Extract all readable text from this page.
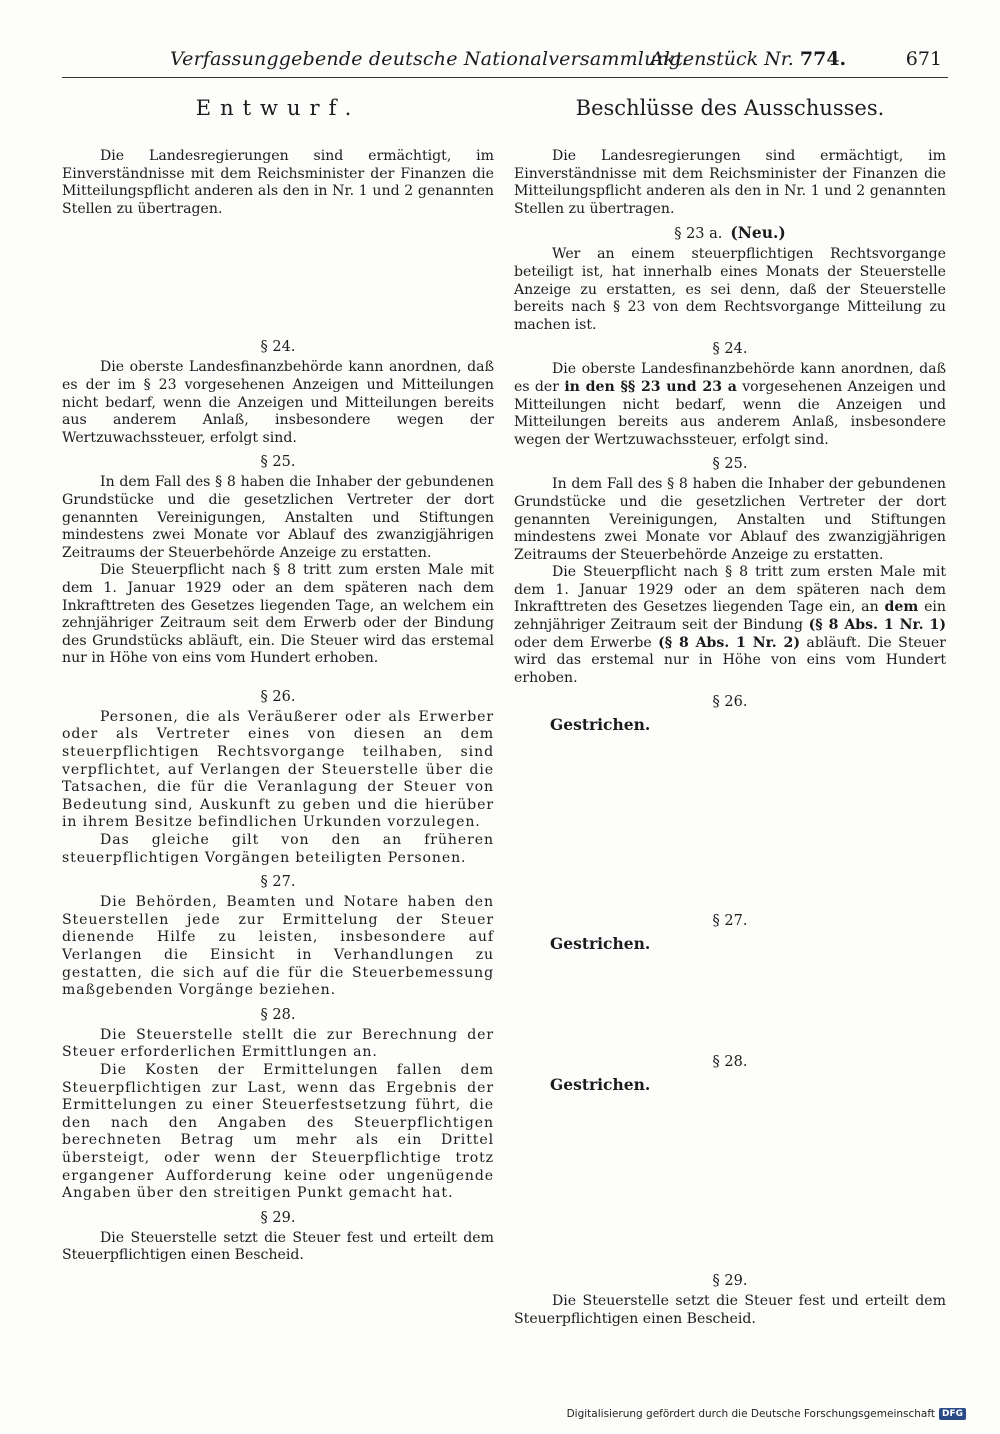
Verfassunggebende deutsche Nationalversammlung.
Aktenstück Nr. 774.	671
Entwurf.

Die Landesregierungen sind ermächtigt, im Einverständnisse mit dem Reichsminister der Finanzen die Mitteilungspflicht anderen als den in Nr. 1 und 2 genannten Stellen zu übertragen.

§ 24.

Die oberste Landesfinanzbehörde kann anordnen, daß es der im § 23 vorgesehenen Anzeigen und Mitteilungen nicht bedarf, wenn die Anzeigen und Mitteilungen bereits aus anderem Anlaß, insbesondere wegen der Wertzuwachssteuer, erfolgt sind.

§ 25.

In dem Fall des § 8 haben die Inhaber der gebundenen Grundstücke und die gesetzlichen Vertreter der dort genannten Vereinigungen, Anstalten und Stiftungen mindestens zwei Monate vor Ablauf des zwanzigjährigen Zeitraums der Steuerbehörde Anzeige zu erstatten.

Die Steuerpflicht nach § 8 tritt zum ersten Male mit dem 1. Januar 1929 oder an dem späteren nach dem Inkrafttreten des Gesetzes liegenden Tage, an welchem ein zehnjähriger Zeitraum seit dem Erwerb oder der Bindung des Grundstücks abläuft, ein. Die Steuer wird das erstemal nur in Höhe von eins vom Hundert erhoben.

§ 26.

Personen, die als Veräußerer oder als Erwerber oder als Vertreter eines von diesen an dem steuerpflichtigen Rechtsvorgange teilhaben, sind verpflichtet, auf Verlangen der Steuerstelle über die Tatsachen, die für die Veranlagung der Steuer von Bedeutung sind, Auskunft zu geben und die hierüber in ihrem Besitze befindlichen Urkunden vorzulegen.

Das gleiche gilt von den an früheren steuerpflichtigen Vorgängen beteiligten Personen.

§ 27.

Die Behörden, Beamten und Notare haben den Steuerstellen jede zur Ermittelung der Steuer dienende Hilfe zu leisten, insbesondere auf Verlangen die Einsicht in Verhandlungen zu gestatten, die sich auf die für die Steuerbemessung maßgebenden Vorgänge beziehen.

§ 28.

Die Steuerstelle stellt die zur Berechnung der Steuer erforderlichen Ermittlungen an.

Die Kosten der Ermittelungen fallen dem Steuerpflichtigen zur Last, wenn das Ergebnis der Ermittelungen zu einer Steuerfestsetzung führt, die den nach den Angaben des Steuerpflichtigen berechneten Betrag um mehr als ein Drittel übersteigt, oder wenn der Steuerpflichtige trotz ergangener Aufforderung keine oder ungenügende Angaben über den streitigen Punkt gemacht hat.

§ 29.

Die Steuerstelle setzt die Steuer fest und erteilt dem Steuerpflichtigen einen Bescheid.

Beschlüsse des Ausschusses.

Die Landesregierungen sind ermächtigt, im Einverständnisse mit dem Reichsminister der Finanzen die Mitteilungspflicht anderen als den in Nr. 1 und 2 genannten Stellen zu übertragen.

§ 23 a. (Neu.)

Wer an einem steuerpflichtigen Rechtsvorgange beteiligt ist, hat innerhalb eines Monats der Steuerstelle Anzeige zu erstatten, es sei denn, daß der Steuerstelle bereits nach § 23 von dem Rechtsvorgange Mitteilung zu machen ist.

§ 24.

Die oberste Landesfinanzbehörde kann anordnen, daß es der in den §§ 23 und 23 a vorgesehenen Anzeigen und Mitteilungen nicht bedarf, wenn die Anzeigen und Mitteilungen bereits aus anderem Anlaß, insbesondere wegen der Wertzuwachssteuer, erfolgt sind.

§ 25.

In dem Fall des § 8 haben die Inhaber der gebundenen Grundstücke und die gesetzlichen Vertreter der dort genannten Vereinigungen, Anstalten und Stiftungen mindestens zwei Monate vor Ablauf des zwanzigjährigen Zeitraums der Steuerbehörde Anzeige zu erstatten.

Die Steuerpflicht nach § 8 tritt zum ersten Male mit dem 1. Januar 1929 oder an dem späteren nach dem Inkrafttreten des Gesetzes liegenden Tage ein, an dem ein zehnjähriger Zeitraum seit der Bindung (§ 8 Abs. 1 Nr. 1) oder dem Erwerbe (§ 8 Abs. 1 Nr. 2) abläuft. Die Steuer wird das erstemal nur in Höhe von eins vom Hundert erhoben.

§ 26.
Gestrichen.
§ 27.
Gestrichen.
§ 28.
Gestrichen.
§ 29.

Die Steuerstelle setzt die Steuer fest und erteilt dem Steuerpflichtigen einen Bescheid.

Digitalisierung gefördert durch die Deutsche Forschungsgemeinschaft DFG
